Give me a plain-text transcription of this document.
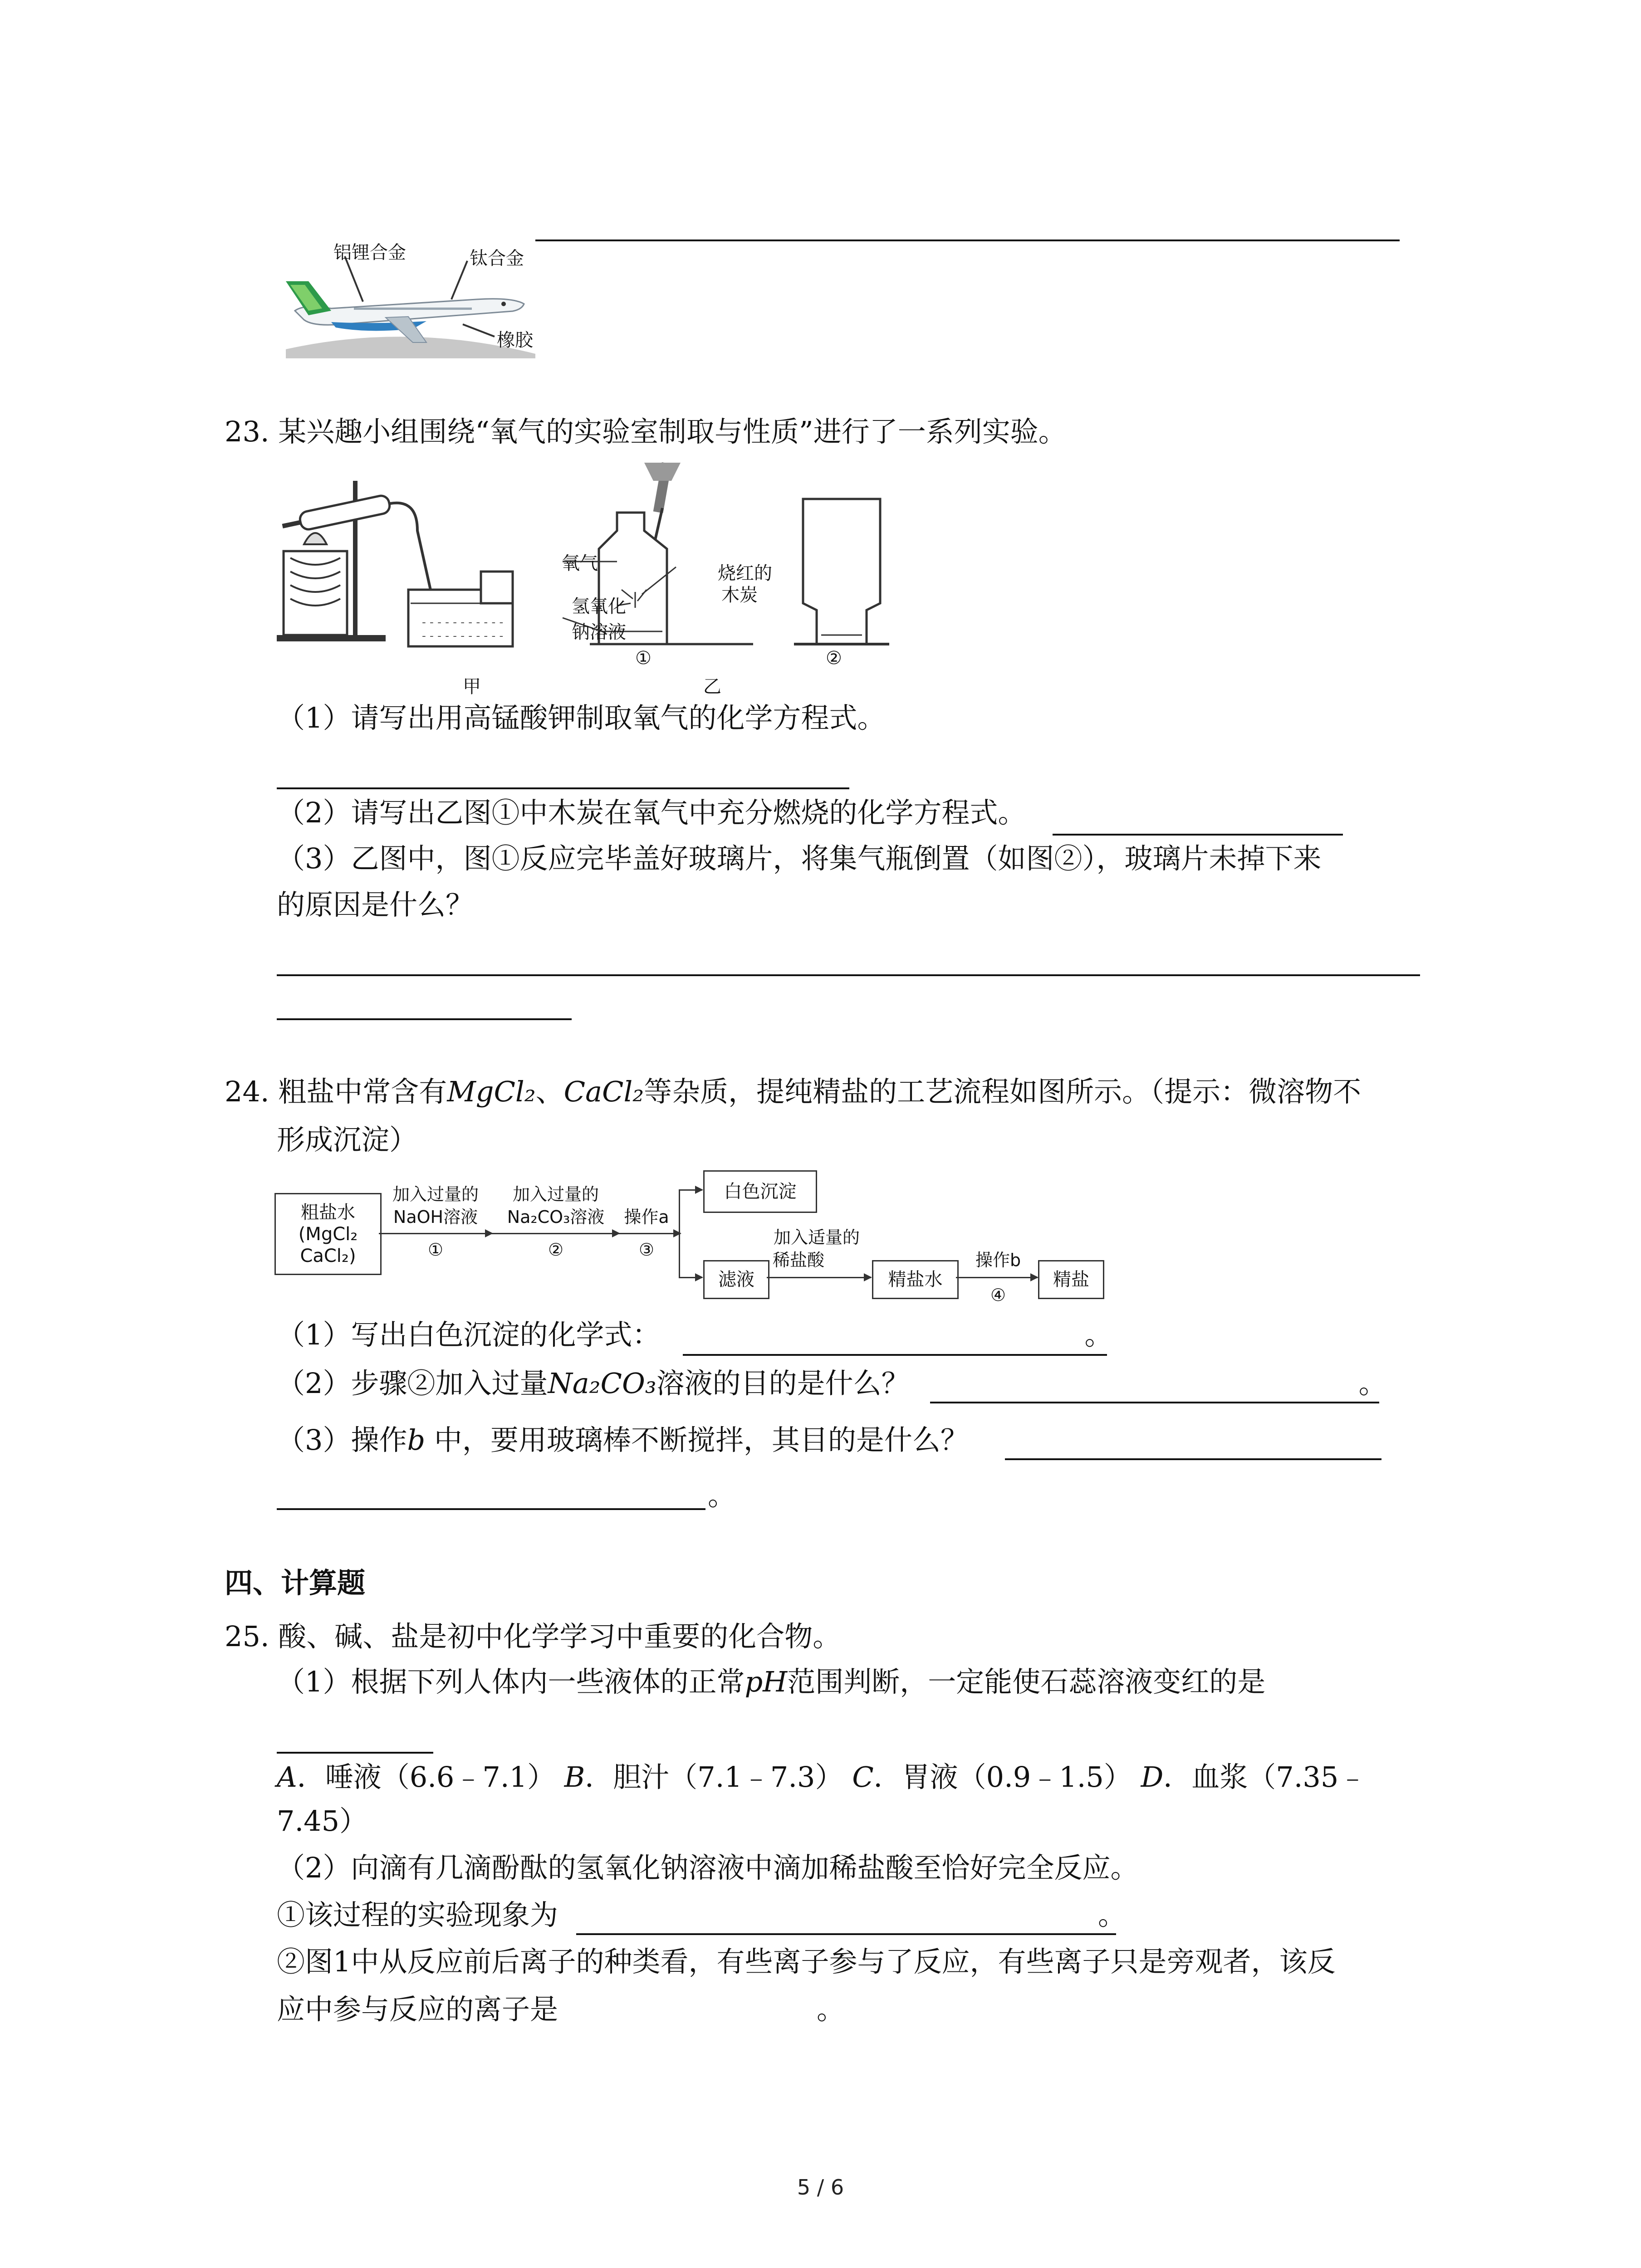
铝锂合金	钛合金
橡胶
23. 某兴趣小组围绕“氧气的实验室制取与性质”进行了一系列实验。
- - - - - - - - - - -
- - - - - - - - - - -
氧气	烧红的
木炭
氢氧化
钠溶液
①	②
甲	乙
（1）请写出用高锰酸钾制取氧气的化学方程式。
（2）请写出乙图①中木炭在氧气中充分燃烧的化学方程式。
（3）乙图中，图①反应完毕盖好玻璃片，将集气瓶倒置（如图②），玻璃片未掉下来
的原因是什么？
24. 粗盐中常含有MgCl₂、CaCl₂等杂质，提纯精盐的工艺流程如图所示。（提示：微溶物不
形成沉淀）
粗盐水
(MgCl₂
CaCl₂)
加入过量的
NaOH溶液
①
加入过量的
Na₂CO₃溶液
②
操作a
③
白色沉淀
滤液
加入适量的
稀盐酸
精盐水
操作b
④
精盐
（1）写出白色沉淀的化学式：	。
（2）步骤②加入过量Na₂CO₃溶液的目的是什么？	。
（3）操作b 中，要用玻璃棒不断搅拌，其目的是什么？
。
四、计算题
25. 酸、碱、盐是初中化学学习中重要的化合物。
（1）根据下列人体内一些液体的正常pH范围判断，一定能使石蕊溶液变红的是
A．唾液（6.6﹣7.1） B．胆汁（7.1﹣7.3） C．胃液（0.9﹣1.5） D．血浆（7.35﹣
7.45）
（2）向滴有几滴酚酞的氢氧化钠溶液中滴加稀盐酸至恰好完全反应。
①该过程的实验现象为	。
②图1中从反应前后离子的种类看，有些离子参与了反应，有些离子只是旁观者，该反
应中参与反应的离子是	。
5 / 6
